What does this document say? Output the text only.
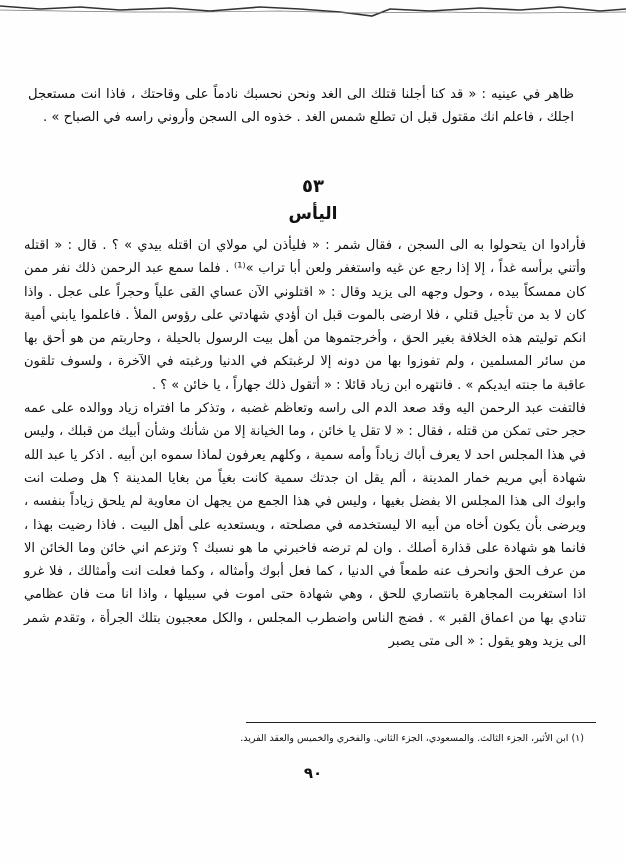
ظاهر في عينيه : « قد كنا أجلنا قتلك الى الغد ونحن نحسبك نادماً على وقاحتك ، فاذا انت مستعجل اجلك ، فاعلم انك مقتول قبل ان تطلع شمس الغد . خذوه الى السجن وأروني راسه في الصباح » .
٥٣
اليأس

فأرادوا ان يتحولوا به الى السجن ، فقال شمر : « فليأذن لي مولاي ان اقتله بيدي » ؟ . قال : « اقتله وأتني برأسه غداً ، إلا إذا رجع عن غيه واستغفر ولعن أبا تراب »⁽¹⁾ . فلما سمع عبد الرحمن ذلك نفر ممن كان ممسكاً بيده ، وحول وجهه الى يزيد وقال : « اقتلوني الآن عساي القى علياً وحجراً على عجل . واذا كان لا بد من تأجيل قتلي ، فلا ارضى بالموت قبل ان أؤدي شهادتي على رؤوس الملأ . فاعلموا يابني أمية انكم توليتم هذه الخلافة بغير الحق ، وأخرجتموها من أهل بيت الرسول بالحيلة ، وحاربتم من هو أحق بها من سائر المسلمين ، ولم تفوزوا بها من دونه إلا لرغبتكم في الدنيا ورغبته في الآخرة ، ولسوف تلقون عاقبة ما جنته ايديكم » . فانتهره ابن زياد قائلا : « أتقول ذلك جهاراً ، يا خائن » ؟ .

فالتفت عبد الرحمن اليه وقد صعد الدم الى راسه وتعاظم غضبه ، وتذكر ما افتراه زياد ووالده على عمه حجر حتى تمكن من قتله ، فقال : « لا تقل يا خائن ، وما الخيانة إلا من شأنك وشأن أبيك من قبلك ، وليس في هذا المجلس احد لا يعرف أباك زياداً وأمه سمية ، وكلهم يعرفون لماذا سموه ابن أبيه . اذكر يا عبد الله شهادة أبي مريم خمار المدينة ، ألم يقل ان جدتك سمية كانت بغياً من بغايا المدينة ؟ هل وصلت انت وابوك الى هذا المجلس الا بفضل بغيها ، وليس في هذا الجمع من يجهل ان معاوية لم يلحق زياداً بنفسه ، ويرضى بأن يكون أخاه من أبيه الا ليستخدمه في مصلحته ، ويستعديه على أهل البيت . فاذا رضيت بهذا ، فانما هو شهادة على قذارة أصلك . وان لم ترضه فاخبرني ما هو نسبك ؟ وتزعم اني خائن وما الخائن الا من عرف الحق وانحرف عنه طمعاً في الدنيا ، كما فعل أبوك وأمثاله ، وكما فعلت انت وأمثالك ، فلا غرو اذا استغربت المجاهرة بانتصاري للحق ، وهي شهادة حتى اموت في سبيلها ، واذا انا مت فان عظامي تنادي بها من اعماق القبر » . فضج الناس واضطرب المجلس ، والكل معجبون بتلك الجرأة ، وتقدم شمر الى يزيد وهو يقول : « الى متى يصبر

(١) ابن الأثير، الجزء الثالث. والمسعودي، الجزء الثاني. والفخري والخميس والعقد الفريد.
٩٠
